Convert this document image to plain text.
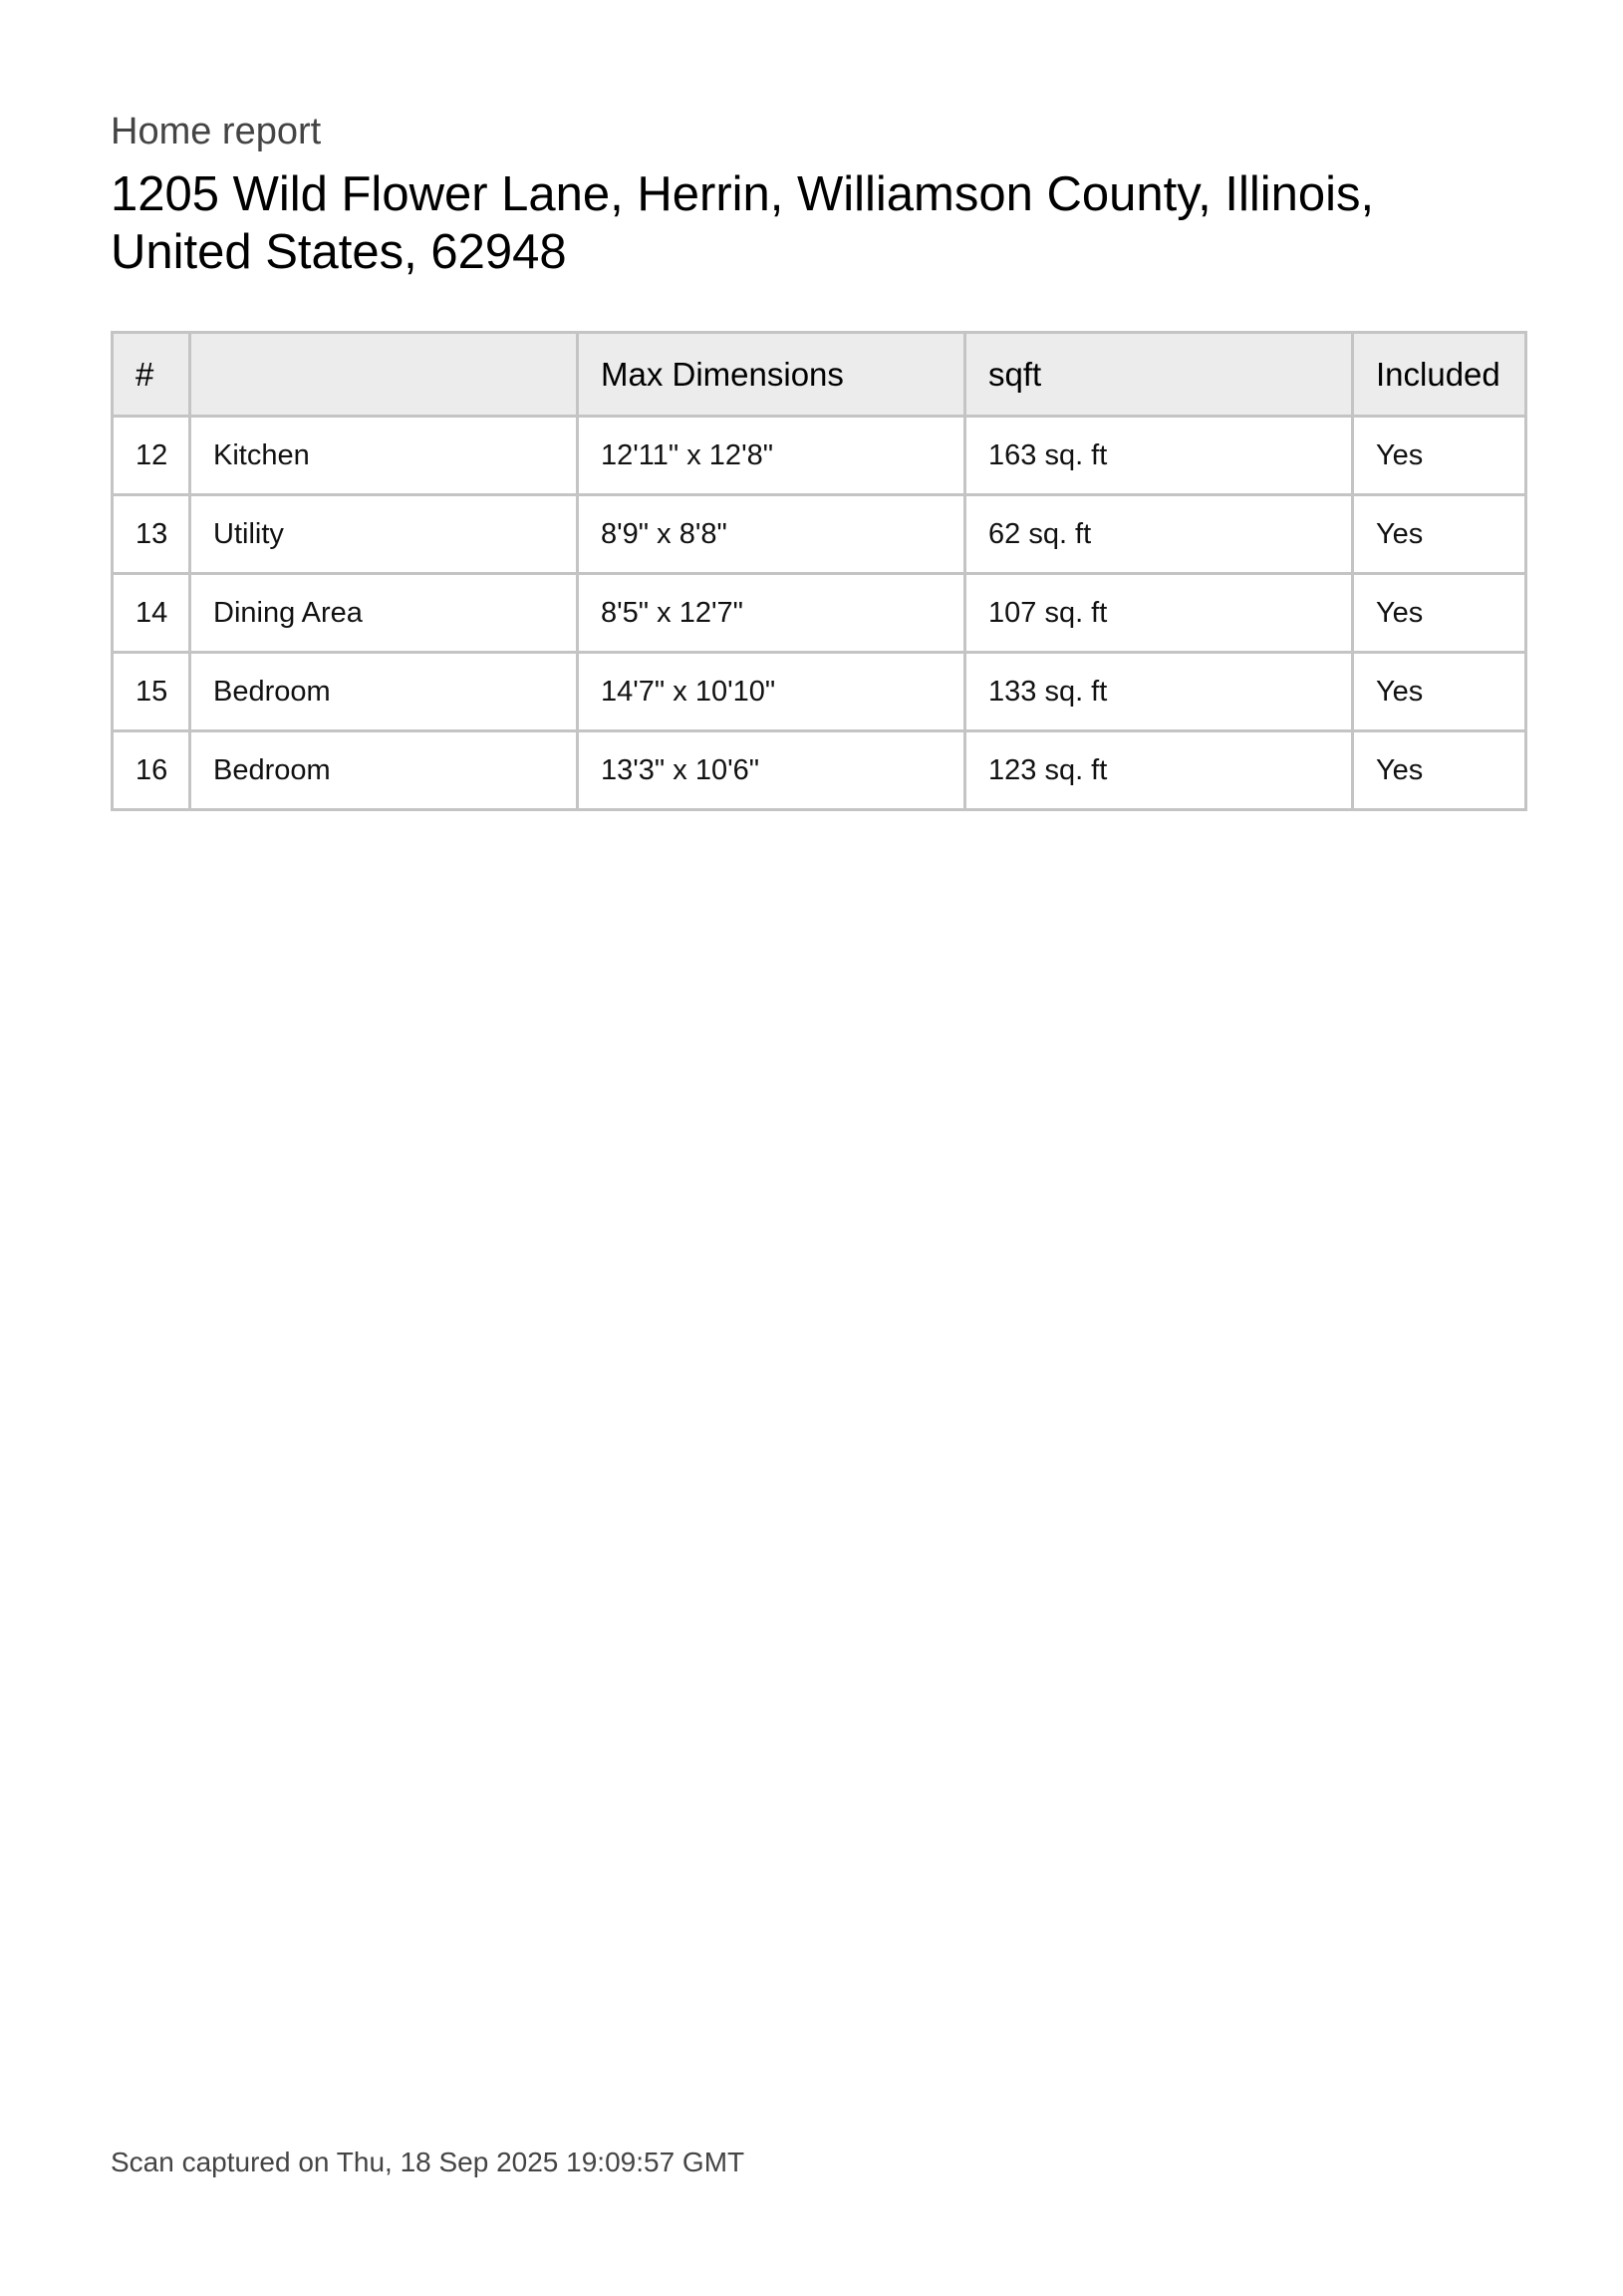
Home report
1205 Wild Flower Lane, Herrin, Williamson County, Illinois, United States, 62948
#		Max Dimensions	sqft	Included
12	Kitchen	12'11" x 12'8"	163 sq. ft	Yes
13	Utility	8'9" x 8'8"	62 sq. ft	Yes
14	Dining Area	8'5" x 12'7"	107 sq. ft	Yes
15	Bedroom	14'7" x 10'10"	133 sq. ft	Yes
16	Bedroom	13'3" x 10'6"	123 sq. ft	Yes
Scan captured on Thu, 18 Sep 2025 19:09:57 GMT
